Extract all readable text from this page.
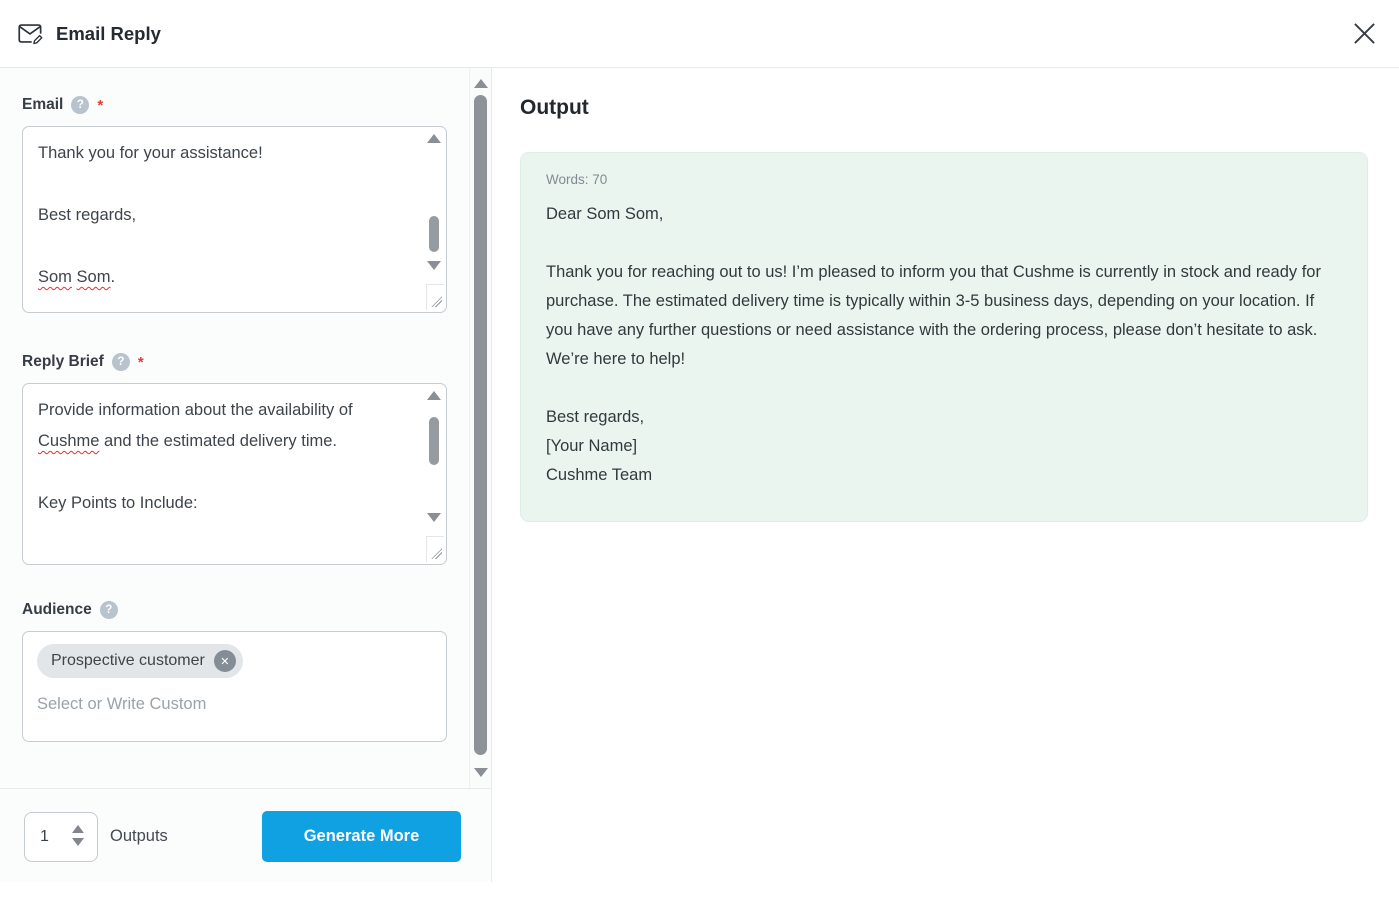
Email Reply
Email	? *
Thank you for your assistance!

Best regards,

Som Som.
Reply Brief	? *
Provide information about the availability of Cushme and the estimated delivery time.

Key Points to Include:
Audience	?
Prospective customer	✕
Select or Write Custom
1	Outputs	Generate More
Output
Words: 70
Dear Som Som,
Thank you for reaching out to us! I’m pleased to inform you that Cushme is currently in stock and ready for purchase. The estimated delivery time is typically within 3-5 business days, depending on your location. If you have any further questions or need assistance with the ordering process, please don’t hesitate to ask. We’re here to help!
Best regards,
[Your Name]
Cushme Team
